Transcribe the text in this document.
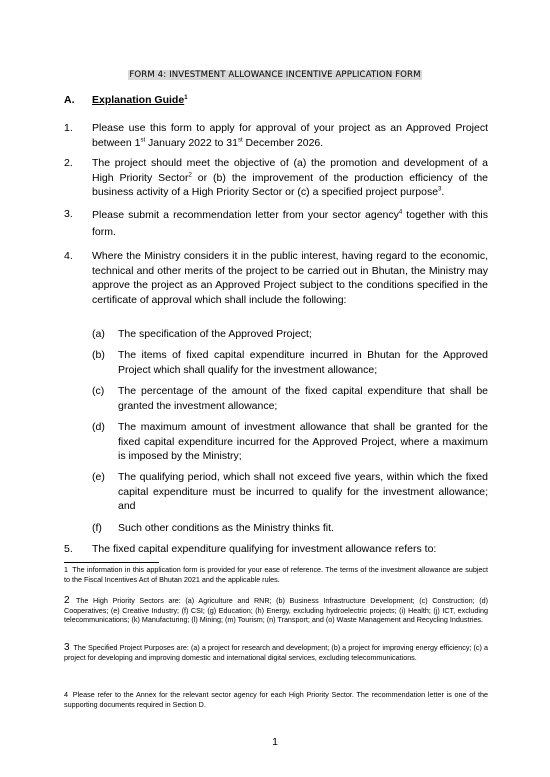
FORM 4: INVESTMENT ALLOWANCE INCENTIVE APPLICATION FORM
A. Explanation Guide$^1$
1. Please use this form to apply for approval of your project as an Approved Project between 1st January 2022 to 31st December 2026.
2. The project should meet the objective of (a) the promotion and development of a High Priority Sector$^2$ or (b) the improvement of the production efficiency of the business activity of a High Priority Sector or (c) a specified project purpose$^3$.
3. Please submit a recommendation letter from your sector agency$^4$ together with this form.
4. Where the Ministry considers it in the public interest, having regard to the economic, technical and other merits of the project to be carried out in Bhutan, the Ministry may approve the project as an Approved Project subject to the conditions specified in the certificate of approval which shall include the following:
(a) The specification of the Approved Project;
(b) The items of fixed capital expenditure incurred in Bhutan for the Approved Project which shall qualify for the investment allowance;
(c) The percentage of the amount of the fixed capital expenditure that shall be granted the investment allowance;
(d) The maximum amount of investment allowance that shall be granted for the fixed capital expenditure incurred for the Approved Project, where a maximum is imposed by the Ministry;
(e) The qualifying period, which shall not exceed five years, within which the fixed capital expenditure must be incurred to qualify for the investment allowance; and
(f) Such other conditions as the Ministry thinks fit.
5. The fixed capital expenditure qualifying for investment allowance refers to:
1 The information in this application form is provided for your ease of reference. The terms of the investment allowance are subject to the Fiscal Incentives Act of Bhutan 2021 and the applicable rules.
2 The High Priority Sectors are: (a) Agriculture and RNR; (b) Business Infrastructure Development; (c) Construction; (d) Cooperatives; (e) Creative Industry; (f) CSI; (g) Education; (h) Energy, excluding hydroelectric projects; (i) Health; (j) ICT, excluding telecommunications; (k) Manufacturing; (l) Mining; (m) Tourism; (n) Transport; and (o) Waste Management and Recycling Industries.
3 The Specified Project Purposes are: (a) a project for research and development; (b) a project for improving energy efficiency; (c) a project for developing and improving domestic and international digital services, excluding telecommunications.
4 Please refer to the Annex for the relevant sector agency for each High Priority Sector. The recommendation letter is one of the supporting documents required in Section D.
1
